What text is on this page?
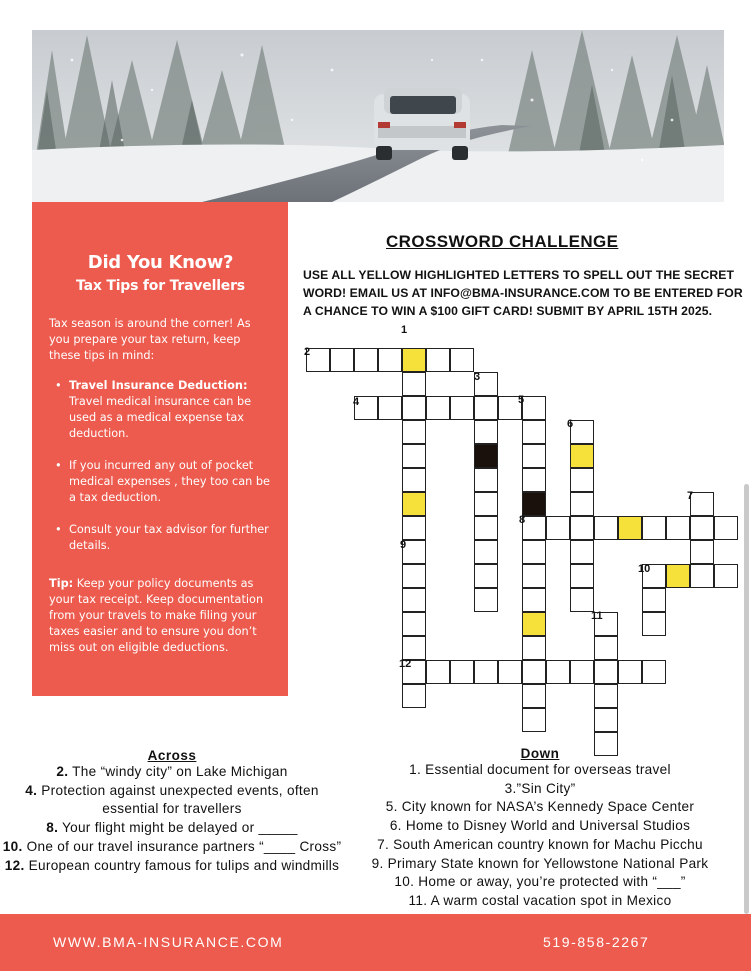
Did You Know?
Tax Tips for Travellers
Tax season is around the corner! As you prepare your tax return, keep these tips in mind:
• Travel Insurance Deduction: Travel medical insurance can be used as a medical expense tax deduction.
• If you incurred any out of pocket medical expenses , they too can be a tax deduction.
• Consult your tax advisor for further details.
Tip: Keep your policy documents as your tax receipt. Keep documentation from your travels to make filing your taxes easier and to ensure you don’t miss out on eligible deductions.
CROSSWORD CHALLENGE
USE ALL YELLOW HIGHLIGHTED LETTERS TO SPELL OUT THE SECRET WORD! EMAIL US AT INFO@BMA-INSURANCE.COM TO BE ENTERED FOR A CHANCE TO WIN A $100 GIFT CARD! SUBMIT BY APRIL 15TH 2025.
1
2
3
4	5
6
7
8
9
10
11
12
Across

2. The “windy city” on Lake Michigan

4. Protection against unexpected events, often essential for travellers

8. Your flight might be delayed or _____

10. One of our travel insurance partners “____ Cross”

12. European country famous for tulips and windmills

Down

1. Essential document for overseas travel

3.”Sin City”

5. City known for NASA’s Kennedy Space Center

6. Home to Disney World and Universal Studios

7. South American country known for Machu Picchu

9. Primary State known for Yellowstone National Park

10. Home or away, you’re protected with “___”

11. A warm costal vacation spot in Mexico

WWW.BMA-INSURANCE.COM	519-858-2267
